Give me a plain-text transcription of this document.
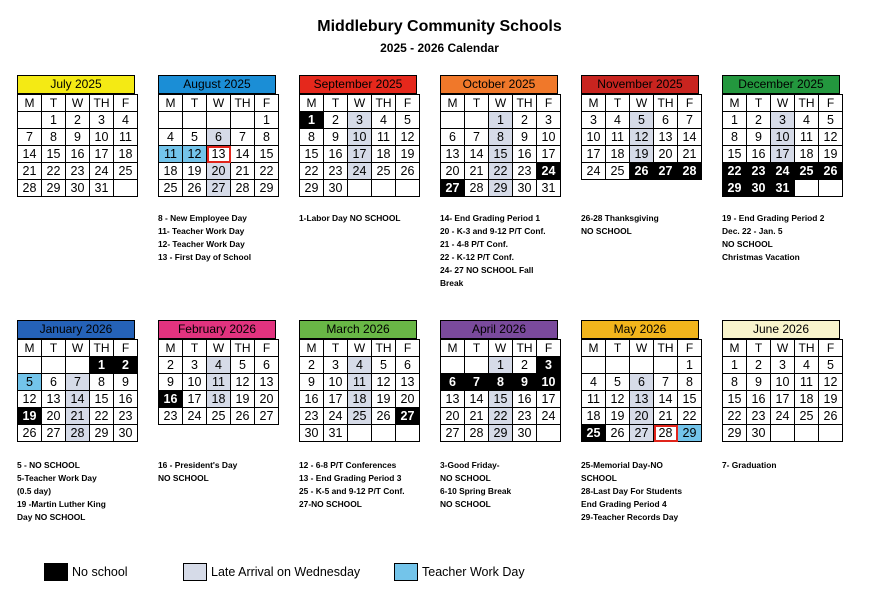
Middlebury Community Schools
2025 - 2026 Calendar
July 2025
M	T	W	TH	F
	1	2	3	4
7	8	9	10	11
14	15	16	17	18
21	22	23	24	25
28	29	30	31	
August 2025
M	T	W	TH	F
				1
4	5	6	7	8
11	12	13	14	15
18	19	20	21	22
25	26	27	28	29
8 - New Employee Day
11- Teacher Work Day
12- Teacher Work Day
13 - First Day of School
September 2025
M	T	W	TH	F
1	2	3	4	5
8	9	10	11	12
15	16	17	18	19
22	23	24	25	26
29	30			
1-Labor Day NO SCHOOL
October 2025
M	T	W	TH	F
		1	2	3
6	7	8	9	10
13	14	15	16	17
20	21	22	23	24
27	28	29	30	31
14- End Grading Period 1
20 - K-3 and 9-12 P/T Conf.
21 - 4-8 P/T Conf.
22 - K-12 P/T Conf.
24- 27 NO SCHOOL Fall
Break
November 2025
M	T	W	TH	F
3	4	5	6	7
10	11	12	13	14
17	18	19	20	21
24	25	26	27	28
26-28 Thanksgiving
NO SCHOOL
December 2025
M	T	W	TH	F
1	2	3	4	5
8	9	10	11	12
15	16	17	18	19
22	23	24	25	26
29	30	31		
19 - End Grading Period 2
Dec. 22 - Jan. 5
NO SCHOOL
Christmas Vacation
January 2026
M	T	W	TH	F
			1	2
5	6	7	8	9
12	13	14	15	16
19	20	21	22	23
26	27	28	29	30
5 - NO SCHOOL
5-Teacher Work Day
(0.5 day)
19 -Martin Luther King
Day NO SCHOOL
February 2026
M	T	W	TH	F
2	3	4	5	6
9	10	11	12	13
16	17	18	19	20
23	24	25	26	27
16 - President's Day
NO SCHOOL
March 2026
M	T	W	TH	F
2	3	4	5	6
9	10	11	12	13
16	17	18	19	20
23	24	25	26	27
30	31			
12 - 6-8 P/T Conferences
13 - End Grading Period 3
25 - K-5 and 9-12 P/T Conf.
27-NO SCHOOL
April 2026
M	T	W	TH	F
		1	2	3
6	7	8	9	10
13	14	15	16	17
20	21	22	23	24
27	28	29	30	
3-Good Friday-
NO SCHOOL
6-10 Spring Break
NO SCHOOL
May 2026
M	T	W	TH	F
				1
4	5	6	7	8
11	12	13	14	15
18	19	20	21	22
25	26	27	28	29
25-Memorial Day-NO
SCHOOL
28-Last Day For Students
End Grading Period 4
29-Teacher Records Day
June 2026
M	T	W	TH	F
1	2	3	4	5
8	9	10	11	12
15	16	17	18	19
22	23	24	25	26
29	30			
7- Graduation
No school	Late Arrival on Wednesday	Teacher Work Day
